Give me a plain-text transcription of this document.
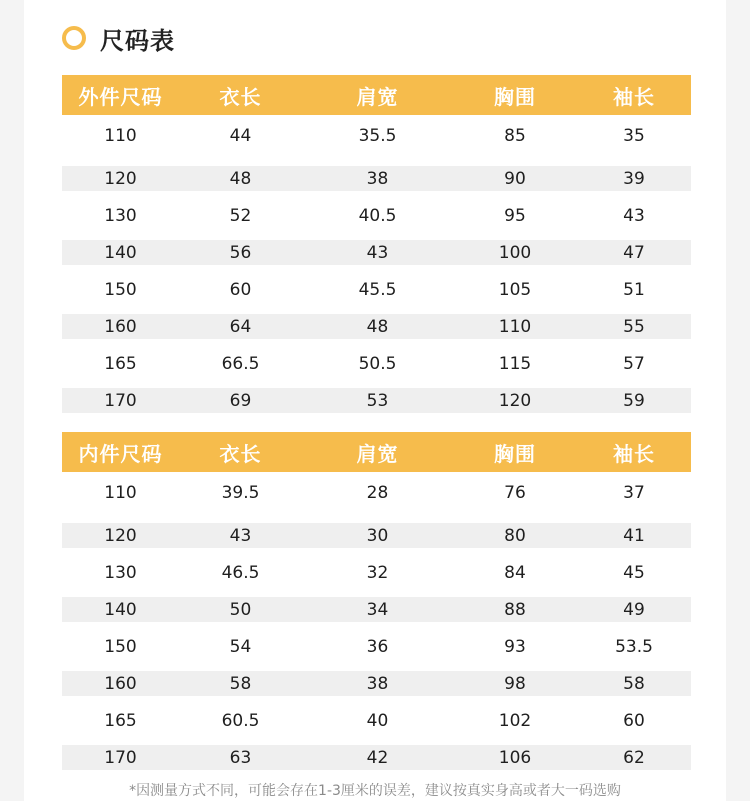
尺码表
外件尺码	衣长	肩宽	胸围	袖长
110	44	35.5	85	35
120	48	38	90	39
130	52	40.5	95	43
140	56	43	100	47
150	60	45.5	105	51
160	64	48	110	55
165	66.5	50.5	115	57
170	69	53	120	59
内件尺码	衣长	肩宽	胸围	袖长
110	39.5	28	76	37
120	43	30	80	41
130	46.5	32	84	45
140	50	34	88	49
150	54	36	93	53.5
160	58	38	98	58
165	60.5	40	102	60
170	63	42	106	62
*因测量方式不同，可能会存在1-3厘米的误差，建议按真实身高或者大一码选购
